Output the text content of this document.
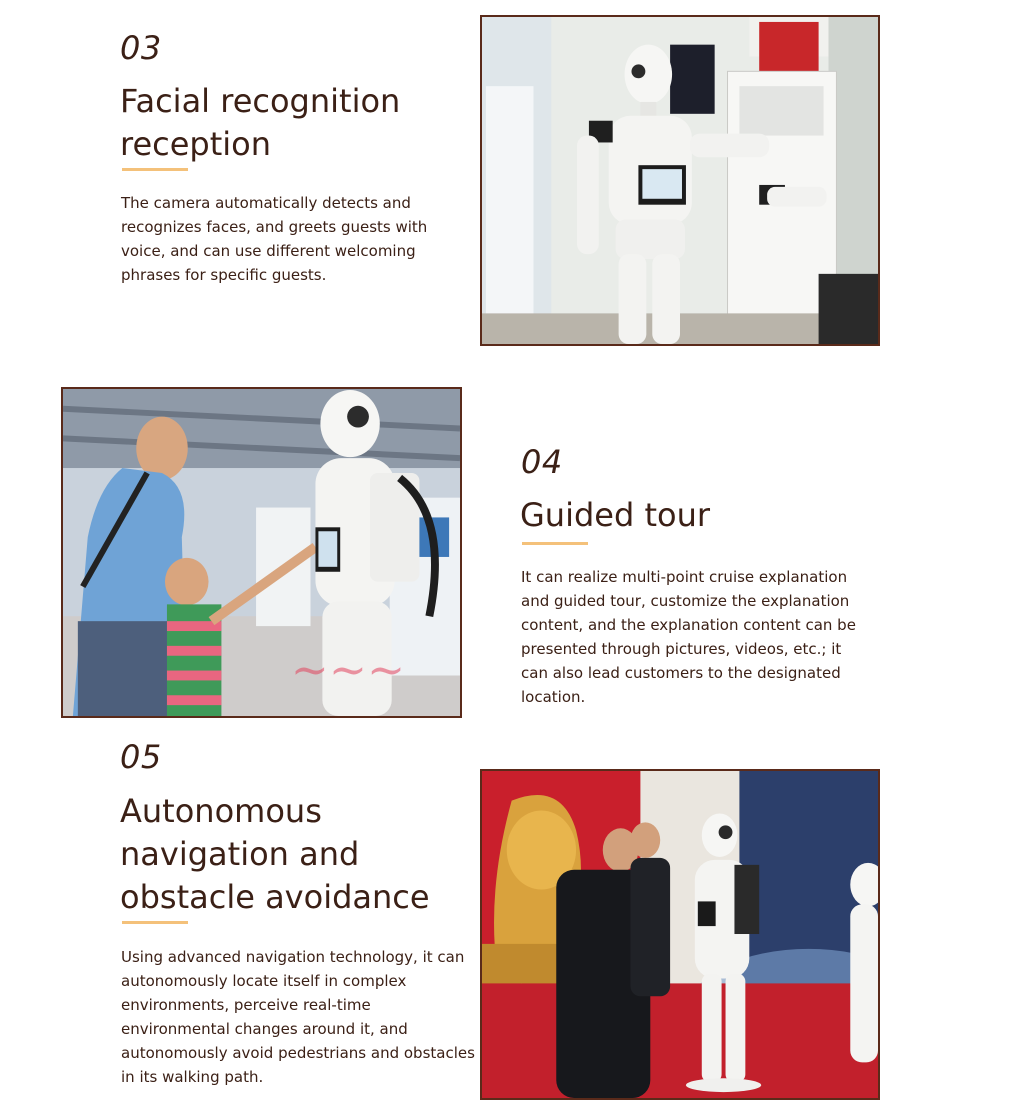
03
Facial recognition
reception

The camera automatically detects and recognizes faces, and greets guests with voice, and can use different welcoming phrases for specific guests.

~~~
04
Guided tour

It can realize multi-point cruise explanation and guided tour, customize the explanation content, and the explanation content can be presented through pictures, videos, etc.; it can also lead customers to the designated location.

05
Autonomous
navigation and
obstacle avoidance

Using advanced navigation technology, it can autonomously locate itself in complex environments, perceive real-time environmental changes around it, and autonomously avoid pedestrians and obstacles in its walking path.
